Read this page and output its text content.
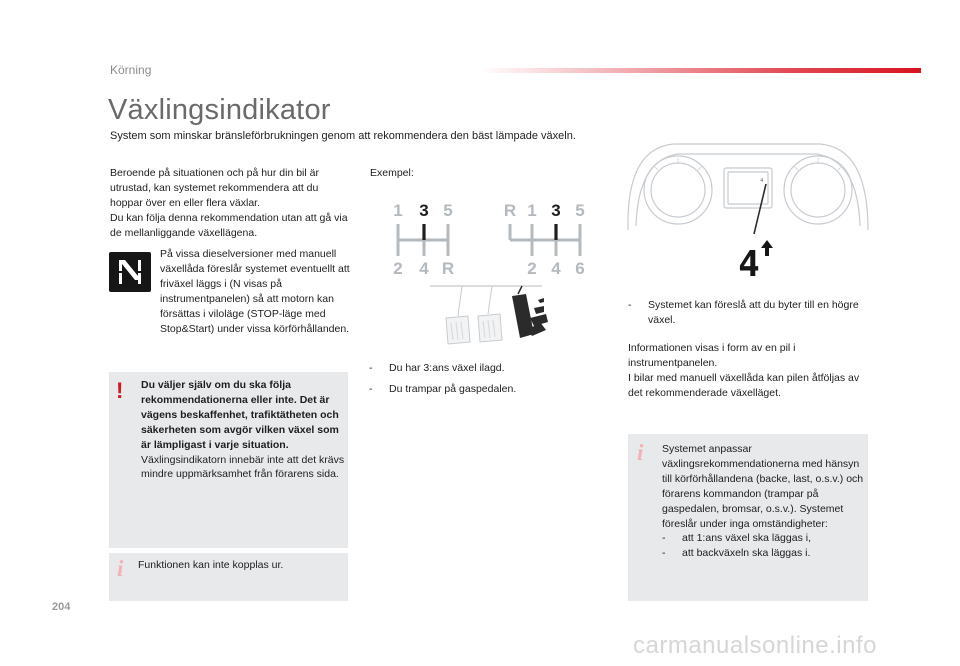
Körning
Växlingsindikator
System som minskar bränsleförbrukningen genom att rekommendera den bäst lämpade växeln.
Beroende på situationen och på hur din bil är utrustad, kan systemet rekommendera att du hoppar över en eller flera växlar.
Du kan följa denna rekommendation utan att gå via de mellanliggande växellägena.
På vissa dieselversioner med manuell växellåda föreslår systemet eventuellt att friväxel läggs i (N visas på instrumentpanelen) så att motorn kan försättas i viloläge (STOP-läge med Stop&Start) under vissa körförhållanden.
! Du väljer själv om du ska följa rekommendationerna eller inte. Det är vägens beskaffenhet, trafiktätheten och säkerheten som avgör vilken växel som är lämpligast i varje situation.
Växlingsindikatorn innebär inte att det krävs mindre uppmärksamhet från förarens sida.
i Funktionen kan inte kopplas ur.
Exempel:
1 3 5
2 4 R
R 1 3 5
2 4 6
- Du har 3:ans växel ilagd.
- Du trampar på gaspedalen.
4
4
- Systemet kan föreslå att du byter till en högre växel.
Informationen visas i form av en pil i instrumentpanelen.
I bilar med manuell växellåda kan pilen åtföljas av det rekommenderade växelläget.
i Systemet anpassar växlingsrekommendationerna med hänsyn till körförhållandena (backe, last, o.s.v.) och förarens kommandon (trampar på gaspedalen, bromsar, o.s.v.). Systemet föreslår under inga omständigheter:
- att 1:ans växel ska läggas i,
- att backväxeln ska läggas i.
204
carmanualsonline.info
